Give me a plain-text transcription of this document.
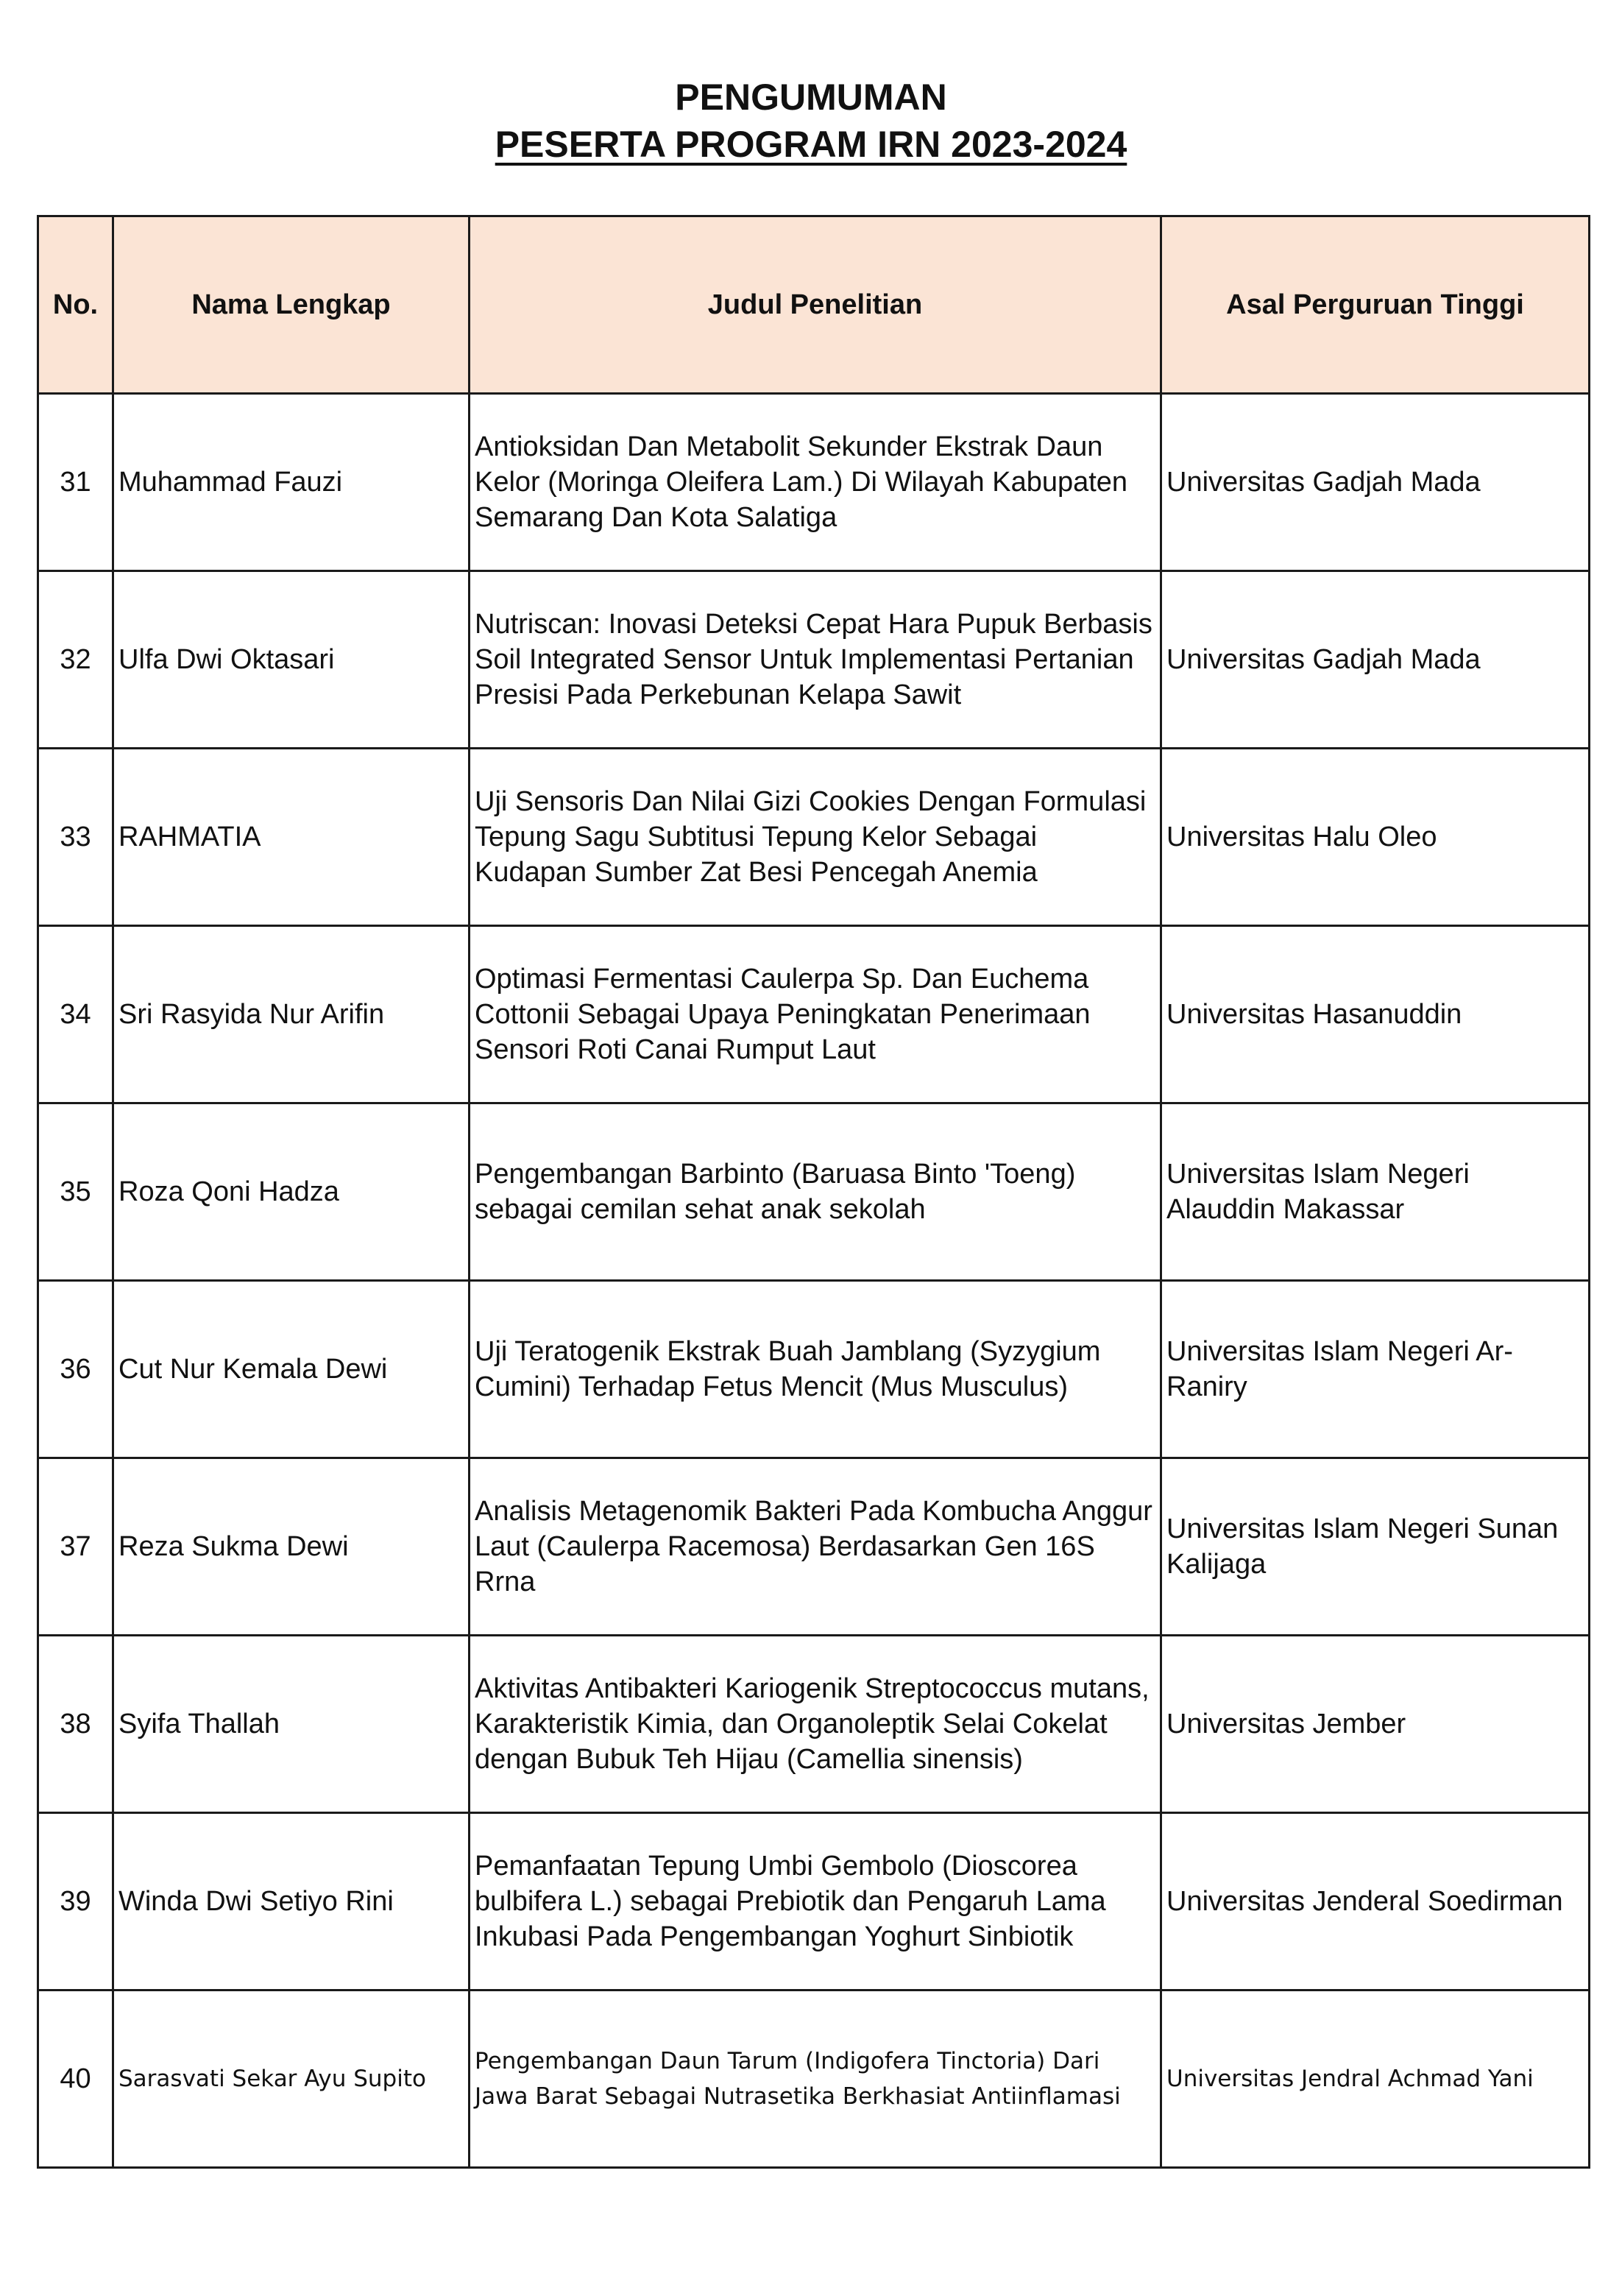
PENGUMUMAN
PESERTA PROGRAM IRN 2023-2024
No.	Nama Lengkap	Judul Penelitian	Asal Perguruan Tinggi
31	Muhammad Fauzi	Antioksidan Dan Metabolit Sekunder Ekstrak Daun Kelor (Moringa Oleifera Lam.) Di Wilayah Kabupaten Semarang Dan Kota Salatiga	Universitas Gadjah Mada
32	Ulfa Dwi Oktasari	Nutriscan: Inovasi Deteksi Cepat Hara Pupuk Berbasis Soil Integrated Sensor Untuk Implementasi Pertanian Presisi Pada Perkebunan Kelapa Sawit	Universitas Gadjah Mada
33	RAHMATIA	Uji Sensoris Dan Nilai Gizi Cookies Dengan Formulasi Tepung Sagu Subtitusi Tepung Kelor Sebagai Kudapan Sumber Zat Besi Pencegah Anemia	Universitas Halu Oleo
34	Sri Rasyida Nur Arifin	Optimasi Fermentasi Caulerpa Sp. Dan Euchema Cottonii Sebagai Upaya Peningkatan Penerimaan Sensori Roti Canai Rumput Laut	Universitas Hasanuddin
35	Roza Qoni Hadza	Pengembangan Barbinto (Baruasa Binto 'Toeng) sebagai cemilan sehat anak sekolah	Universitas Islam Negeri Alauddin Makassar
36	Cut Nur Kemala Dewi	Uji Teratogenik Ekstrak Buah Jamblang (Syzygium Cumini) Terhadap Fetus Mencit (Mus Musculus)	Universitas Islam Negeri Ar-Raniry
37	Reza Sukma Dewi	Analisis Metagenomik Bakteri Pada Kombucha Anggur Laut (Caulerpa Racemosa) Berdasarkan Gen 16S Rrna	Universitas Islam Negeri Sunan Kalijaga
38	Syifa Thallah	Aktivitas Antibakteri Kariogenik Streptococcus mutans, Karakteristik Kimia, dan Organoleptik Selai Cokelat dengan Bubuk Teh Hijau (Camellia sinensis)	Universitas Jember
39	Winda Dwi Setiyo Rini	Pemanfaatan Tepung Umbi Gembolo (Dioscorea bulbifera L.) sebagai Prebiotik dan Pengaruh Lama Inkubasi Pada Pengembangan Yoghurt Sinbiotik	Universitas Jenderal Soedirman
40	Sarasvati Sekar Ayu Supito	Pengembangan Daun Tarum (Indigofera Tinctoria) Dari Jawa Barat Sebagai Nutrasetika Berkhasiat Antiinflamasi	Universitas Jendral Achmad Yani
